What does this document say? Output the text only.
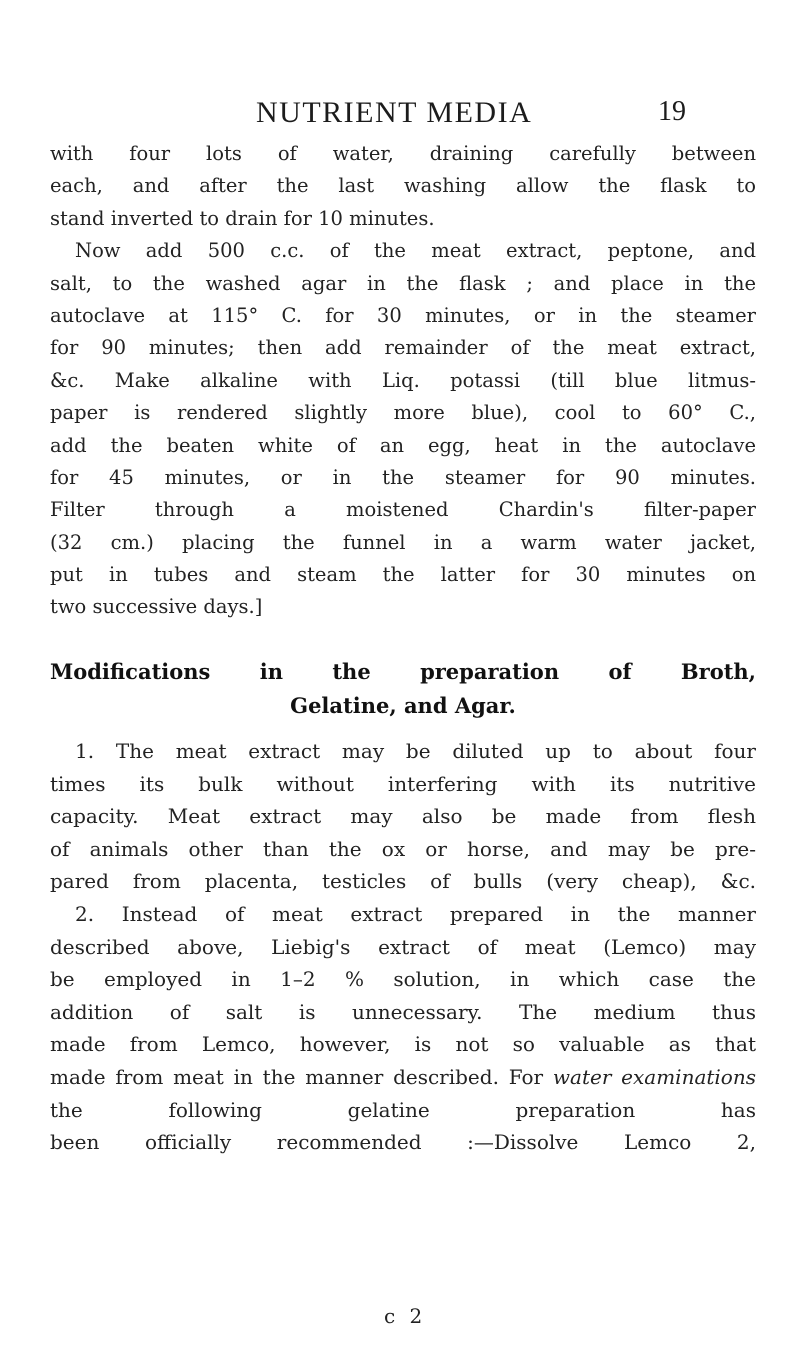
NUTRIENT MEDIA	19
with four lots of water, draining carefully between
each, and after the last washing allow the flask to
stand inverted to drain for 10 minutes.
Now add 500 c.c. of the meat extract, peptone, and
salt, to the washed agar in the flask ; and place in the
autoclave at 115° C. for 30 minutes, or in the steamer
for 90 minutes; then add remainder of the meat extract,
&c. Make alkaline with Liq. potassi (till blue litmus-
paper is rendered slightly more blue), cool to 60° C.,
add the beaten white of an egg, heat in the autoclave
for 45 minutes, or in the steamer for 90 minutes.
Filter through a moistened Chardin's filter-paper
(32 cm.) placing the funnel in a warm water jacket,
put in tubes and steam the latter for 30 minutes on
two successive days.]
Modifications in the preparation of Broth,
Gelatine, and Agar.
1. The meat extract may be diluted up to about four
times its bulk without interfering with its nutritive
capacity. Meat extract may also be made from flesh
of animals other than the ox or horse, and may be pre-
pared from placenta, testicles of bulls (very cheap), &c.
2. Instead of meat extract prepared in the manner
described above, Liebig's extract of meat (Lemco) may
be employed in 1–2 % solution, in which case the
addition of salt is unnecessary. The medium thus
made from Lemco, however, is not so valuable as that
made from meat in the manner described. For water examinations
the following gelatine preparation has
been officially recommended :—Dissolve Lemco 2,
c 2
